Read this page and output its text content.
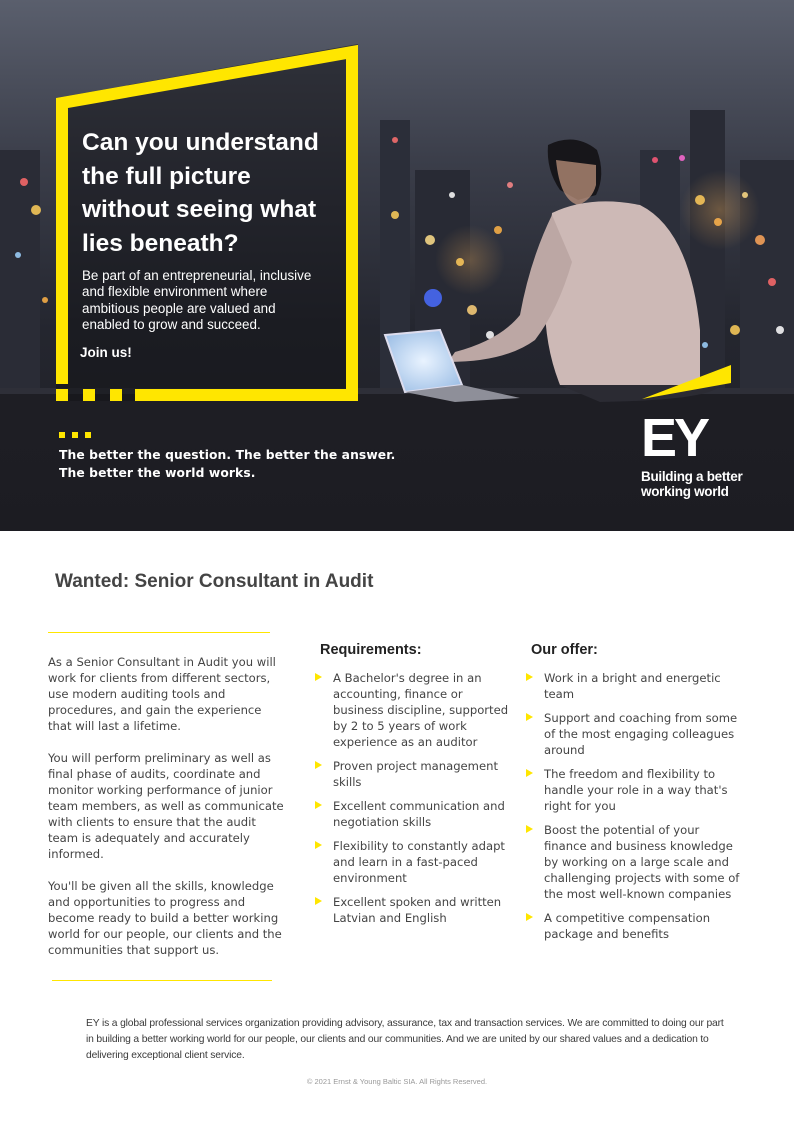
Can you understand the full picture without seeing what lies beneath?
Be part of an entrepreneurial, inclusive and flexible environment where ambitious people are valued and enabled to grow and succeed.
Join us!
The better the question. The better the answer.
The better the world works.
EY
Building a better working world
Wanted: Senior Consultant in Audit

As a Senior Consultant in Audit you will work for clients from different sectors, use modern auditing tools and procedures, and gain the experience that will last a lifetime.

You will perform preliminary as well as final phase of audits, coordinate and monitor working performance of junior team members, as well as communicate with clients to ensure that the audit team is adequately and accurately informed.

You'll be given all the skills, knowledge and opportunities to progress and become ready to build a better working world for our people, our clients and the communities that support us.

Requirements:
A Bachelor's degree in an accounting, finance or business discipline, supported by 2 to 5 years of work experience as an auditor
Proven project management skills
Excellent communication and negotiation skills
Flexibility to constantly adapt and learn in a fast-paced environment
Excellent spoken and written Latvian and English
Our offer:
Work in a bright and energetic team
Support and coaching from some of the most engaging colleagues around
The freedom and flexibility to handle your role in a way that's right for you
Boost the potential of your finance and business knowledge by working on a large scale and challenging projects with some of the most well-known companies
A competitive compensation package and benefits
EY is a global professional services organization providing advisory, assurance, tax and transaction services. We are committed to doing our part in building a better working world for our people, our clients and our communities. And we are united by our shared values and a dedication to delivering exceptional client service.
© 2021 Ernst & Young Baltic SIA. All Rights Reserved.
